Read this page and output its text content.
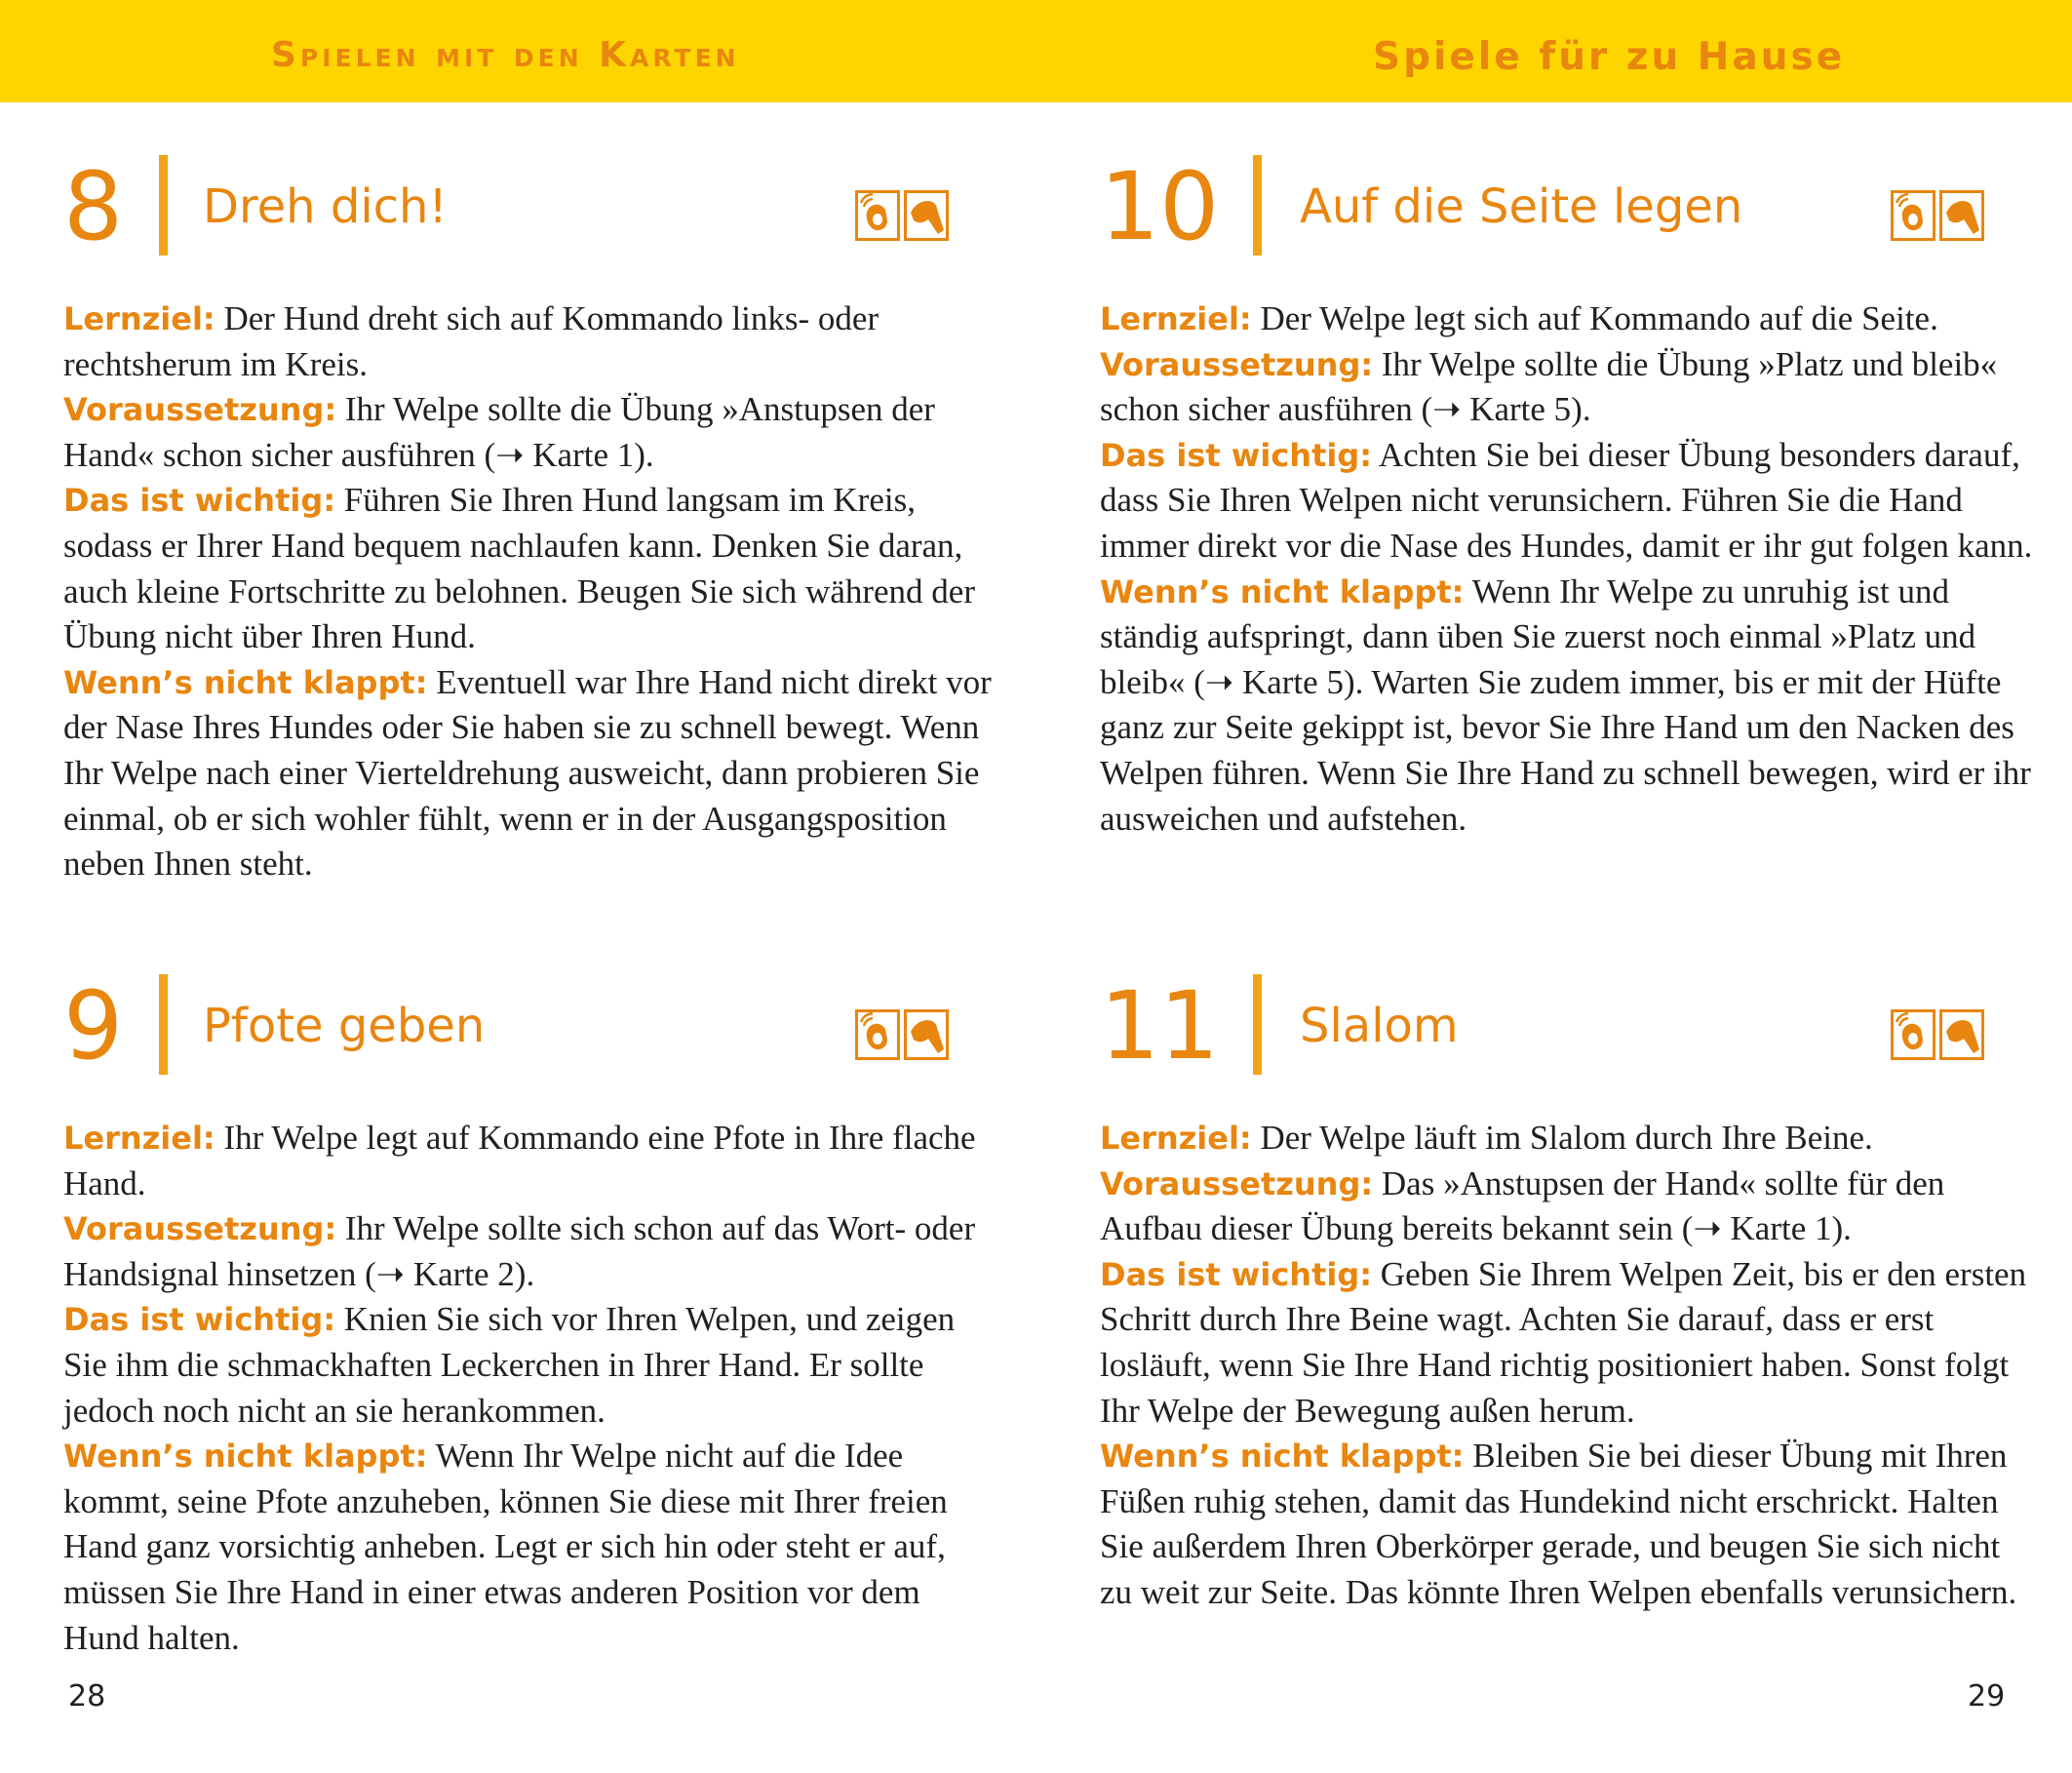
Spielen mit den Karten	Spiele für zu Hause
8 Dreh dich!

Lernziel: Der Hund dreht sich auf Kommando links- oder rechtsherum im Kreis.

Voraussetzung: Ihr Welpe sollte die Übung »Anstupsen der Hand« schon sicher ausführen (➝ Karte 1).

Das ist wichtig: Führen Sie Ihren Hund langsam im Kreis, sodass er Ihrer Hand bequem nachlaufen kann. Denken Sie daran, auch kleine Fortschritte zu belohnen. Beugen Sie sich während der Übung nicht über Ihren Hund.

Wenn’s nicht klappt: Eventuell war Ihre Hand nicht direkt vor der Nase Ihres Hundes oder Sie haben sie zu schnell bewegt. Wenn Ihr Welpe nach einer Vierteldrehung ausweicht, dann probieren Sie einmal, ob er sich wohler fühlt, wenn er in der Ausgangsposition neben Ihnen steht.

9 Pfote geben

Lernziel: Ihr Welpe legt auf Kommando eine Pfote in Ihre flache Hand.

Voraussetzung: Ihr Welpe sollte sich schon auf das Wort- oder Handsignal hinsetzen (➝ Karte 2).

Das ist wichtig: Knien Sie sich vor Ihren Welpen, und zeigen Sie ihm die schmackhaften Leckerchen in Ihrer Hand. Er sollte jedoch noch nicht an sie herankommen.

Wenn’s nicht klappt: Wenn Ihr Welpe nicht auf die Idee kommt, seine Pfote anzuheben, können Sie diese mit Ihrer freien Hand ganz vorsichtig anheben. Legt er sich hin oder steht er auf, müssen Sie Ihre Hand in einer etwas anderen Position vor dem Hund halten.

10 Auf die Seite legen

Lernziel: Der Welpe legt sich auf Kommando auf die Seite.

Voraussetzung: Ihr Welpe sollte die Übung »Platz und bleib« schon sicher ausführen (➝ Karte 5).

Das ist wichtig: Achten Sie bei dieser Übung besonders darauf, dass Sie Ihren Welpen nicht verunsichern. Führen Sie die Hand immer direkt vor die Nase des Hundes, damit er ihr gut folgen kann.

Wenn’s nicht klappt: Wenn Ihr Welpe zu unruhig ist und ständig aufspringt, dann üben Sie zuerst noch einmal »Platz und bleib« (➝ Karte 5). Warten Sie zudem immer, bis er mit der Hüfte ganz zur Seite gekippt ist, bevor Sie Ihre Hand um den Nacken des Welpen führen. Wenn Sie Ihre Hand zu schnell bewegen, wird er ihr ausweichen und aufstehen.

11 Slalom

Lernziel: Der Welpe läuft im Slalom durch Ihre Beine.

Voraussetzung: Das »Anstupsen der Hand« sollte für den Aufbau dieser Übung bereits bekannt sein (➝ Karte 1).

Das ist wichtig: Geben Sie Ihrem Welpen Zeit, bis er den ersten Schritt durch Ihre Beine wagt. Achten Sie darauf, dass er erst losläuft, wenn Sie Ihre Hand richtig positioniert haben. Sonst folgt Ihr Welpe der Bewegung außen herum.

Wenn’s nicht klappt: Bleiben Sie bei dieser Übung mit Ihren Füßen ruhig stehen, damit das Hundekind nicht erschrickt. Halten Sie außerdem Ihren Oberkörper gerade, und beugen Sie sich nicht zu weit zur Seite. Das könnte Ihren Welpen ebenfalls verunsichern.

28	29
